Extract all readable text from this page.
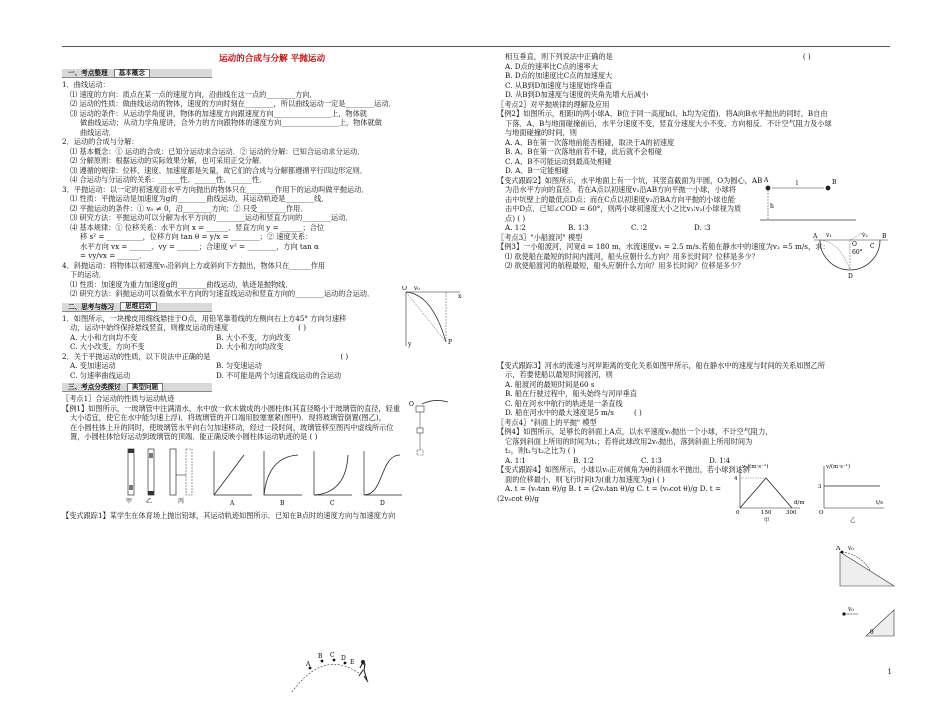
运动的合成与分解 平抛运动
一、考点整理	基本概念
1．曲线运动：
⑴ 速度的方向：质点在某一点的速度方向，沿曲线在这一点的________方向．
⑵ 运动的性质：做曲线运动的物体，速度的方向时刻在________，所以曲线运动一定是________运动．
⑶ 运动的条件：从运动学角度讲，物体的加速度方向跟速度方向________________上，物体就
做曲线运动；从动力学角度讲，合外力的方向跟物体的速度方向________________上，物体就做
曲线运动．
2．运动的合成与分解：
⑴ 基本概念：① 运动的合成：已知分运动求合运动．② 运动的分解：已知合运动求分运动．
⑵ 分解原则：根据运动的实际效果分解，也可采用正交分解．
⑶ 遵循的规律：位移、速度、加速度都是矢量，故它们的合成与分解都遵循平行四边形定则．
⑷ 合运动与分运动的关系：______性、______性、______性．
3．平抛运动：以一定的初速度沿水平方向抛出的物体只在________作用下的运动叫做平抛运动．
⑴ 性质：平抛运动是加速度为g的________曲线运动，其运动轨迹是________线．
⑵ 平抛运动的条件：① v₀ ≠ 0，沿________方向；② 只受________作用．
⑶ 研究方法：平抛运动可以分解为水平方向的________运动和竖直方向的________运动．
⑷ 基本规律：① 位移关系：水平方向 x = ______、竖直方向 y = ______；合位
移 s² = __________，位移方向 tan θ = y/x = ________；② 速度关系：
水平方向 vx = ______、vy = ______；合速度 v² = ________，方向 tan α
= vy/vx = ______．
4．斜抛运动：将物体以初速度v₀沿斜向上方或斜向下方抛出，物体只在______作用
下的运动．
⑴ 性质：加速度为重力加速度g的________曲线运动，轨迹是抛物线．
⑵ 研究方法：斜抛运动可以看做水平方向的匀速直线运动和竖直方向的________运动的合运动．
二、思考与练习	思维启动
1．如图所示，一块橡皮用细线悬挂于O点，用铅笔靠着线的左侧向右上方45° 方向匀速移
动，运动中始终保持悬线竖直，则橡皮运动的速度	( )
A. 大小和方向均不变	B. 大小不变，方向改变
C. 大小改变，方向不变	D. 大小和方向均改变
2．关于平抛运动的性质，以下说法中正确的是	( )
A. 变加速运动	B. 匀变速运动
C. 匀速率曲线运动	D. 不可能是两个匀速直线运动的合运动
三、考点分类探讨	典型问题
〖考点1〗合运动的性质与运动轨迹
【例1】如图所示，一玻璃管中注满清水，水中放一软木做成的小圆柱体(其直径略小于玻璃管的直径，轻重
大小适宜，使它在水中能匀速上浮)．将玻璃管的开口端用胶塞塞紧(图甲)．现将玻璃管倒置(图乙)，
在小圆柱体上升的同时，使玻璃管水平向右匀加速移动，经过一段时间，玻璃管移至图丙中虚线所示位
置，小圆柱体恰好运动到玻璃管的顶端．能正确反映小圆柱体运动轨迹的是 ( )
甲 乙	丙	A	B	C	D
【变式跟踪1】某学生在体育场上抛出铅球，其运动轨迹如图所示．已知在B点时的速度方向与加速度方向
x
y
O v₀
P
O
A
B C D
E
相互垂直，则下列说法中正确的是	( )
A. D点的速率比C点的速率大
B. D点的加速度比C点的加速度大
C. 从B到D加速度与速度始终垂直
D. 从B到D加速度与速度的夹角先增大后减小
〖考点2〗对平抛规律的理解及应用
【例2】如图所示，相距l的两小球A、B位于同一高度h(l、h均为定值)．将A向B水平抛出的同时，B自由
下落．A、B与地面碰撞前后，水平分速度不变，竖直分速度大小不变、方向相反．不计空气阻力及小球
与地面碰撞的时间，则
A. A、B在第一次落地前能否相碰，取决于A的初速度
B. A、B在第一次落地前若不碰，此后就不会相碰
C. A、B不可能运动到最高处相碰
D. A、B一定能相碰
【变式跟踪2】如图所示，水平地面上有一个坑，其竖直截面为半圆，O为圆心，AB
为沿水平方向的直径．若在A点以初速度v₁沿AB方向平抛一小球，小球将
击中坑壁上的最低点D点；而在C点以初速度v₂沿BA方向平抛的小球也能
击中D点．已知∠COD = 60°，则两小球初速度大小之比v₁∶v₂(小球视为质
点) ( )
A. 1∶2	B. 1∶3	C. ∶2	D. ∶3
〖考点3〗"小船渡河" 模型
【例3】一小船渡河，河宽d = 180 m，水流速度v₁ = 2.5 m/s.若船在静水中的速度为v₂ =5 m/s，求：
⑴ 欲使船在最短的时间内渡河，船头应朝什么方向？用多长时间？位移是多少？
⑵ 欲使船渡河的航程最短，船头应朝什么方向？用多长时间？位移是多少？
【变式跟踪3】河水的流速与河岸距离的变化关系如图甲所示，船在静水中的速度与时间的关系如图乙所
示，若要使船以最短时间渡河，则
A. 船渡河的最短时间是60 s
B. 船在行驶过程中，船头始终与河岸垂直
C. 船在河水中航行的轨迹是一条直线
D. 船在河水中的最大速度是5 m/s	( )
〖考点4〗"斜面上的平抛" 模型
【例4】如图所示，足够长的斜面上A点，以水平速度v₀抛出一个小球，不计空气阻力，
它落到斜面上所用的时间为t₁；若将此球改用2v₀抛出，落到斜面上所用时间为
t₂，则t₁与t₂之比为 ( )
A. 1∶1	B. 1∶2	C. 1∶3	D. 1∶4
【变式跟踪4】如图所示，小球以v₀正对倾角为θ的斜面水平抛出，若小球到达斜
面的位移最小，则飞行时间t为(重力加速度为g) ( )
A. t = (v₀tan θ)/g B. t = (2v₀tan θ)/g C. t = (v₀cot θ)/g D. t =
(2v₀cot θ)/g
A	B
l
h
A	B
C
D
O
v₁	v₂
60°
v₁/(m·s⁻¹)
4
0	150	300
d/m
甲
v/(m·s⁻¹)
3
O
t/s
乙
A v₀
v₀
θ
1
